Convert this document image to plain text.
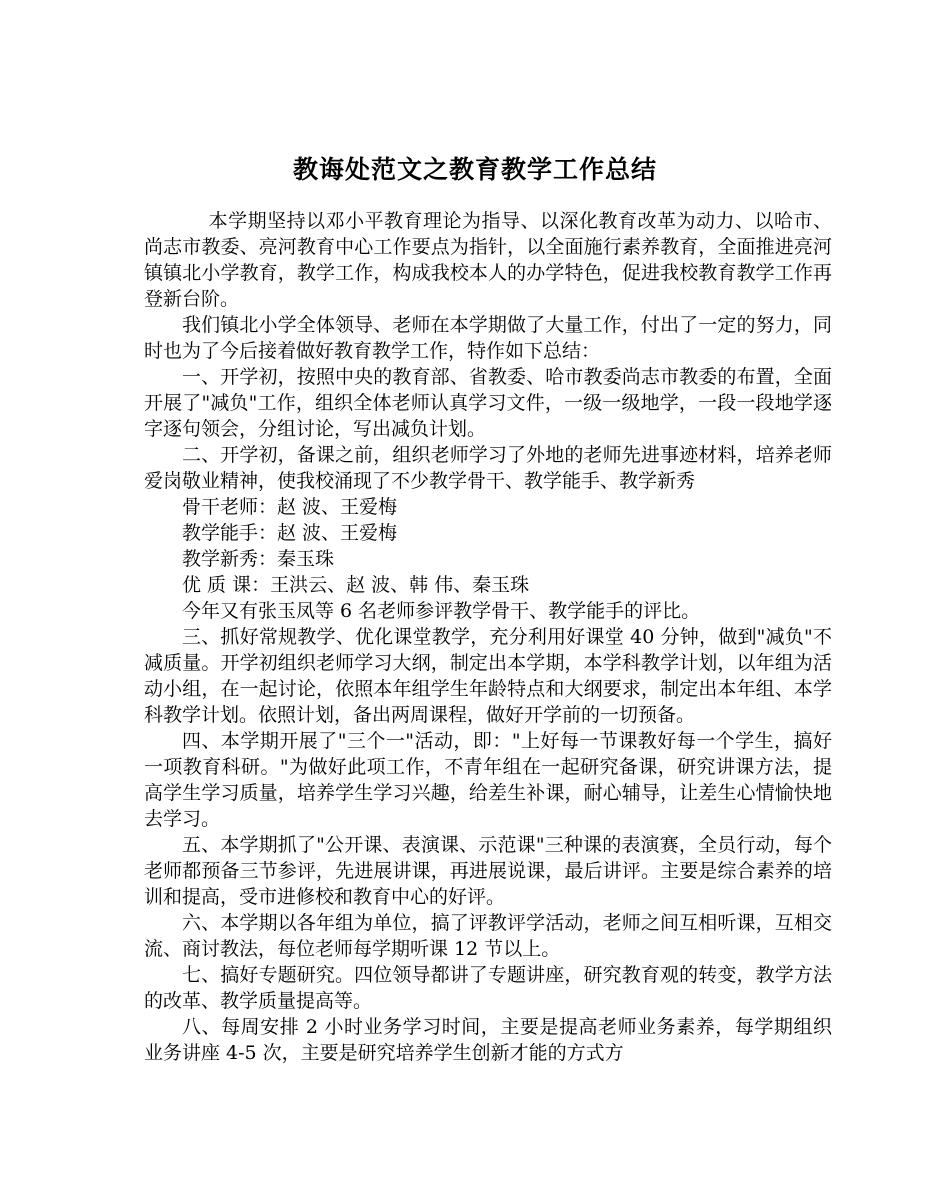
教诲处范文之教育教学工作总结

本学期坚持以邓小平教育理论为指导、以深化教育改革为动力、以哈市、尚志市教委、亮河教育中心工作要点为指针，以全面施行素养教育，全面推进亮河镇镇北小学教育，教学工作，构成我校本人的办学特色，促进我校教育教学工作再登新台阶。

我们镇北小学全体领导、老师在本学期做了大量工作，付出了一定的努力，同时也为了今后接着做好教育教学工作，特作如下总结：

一、开学初，按照中央的教育部、省教委、哈市教委尚志市教委的布置，全面开展了"减负"工作，组织全体老师认真学习文件，一级一级地学，一段一段地学逐字逐句领会，分组讨论，写出减负计划。

二、开学初，备课之前，组织老师学习了外地的老师先进事迹材料，培养老师爱岗敬业精神，使我校涌现了不少教学骨干、教学能手、教学新秀

骨干老师：赵 波、王爱梅

教学能手：赵 波、王爱梅

教学新秀：秦玉珠

优 质 课：王洪云、赵 波、韩 伟、秦玉珠

今年又有张玉凤等 6 名老师参评教学骨干、教学能手的评比。

三、抓好常规教学、优化课堂教学，充分利用好课堂 40 分钟，做到"减负"不减质量。开学初组织老师学习大纲，制定出本学期，本学科教学计划，以年组为活动小组，在一起讨论，依照本年组学生年龄特点和大纲要求，制定出本年组、本学科教学计划。依照计划，备出两周课程，做好开学前的一切预备。

四、本学期开展了"三个一"活动，即："上好每一节课教好每一个学生，搞好一项教育科研。"为做好此项工作，不青年组在一起研究备课，研究讲课方法，提高学生学习质量，培养学生学习兴趣，给差生补课，耐心辅导，让差生心情愉快地去学习。

五、本学期抓了"公开课、表演课、示范课"三种课的表演赛，全员行动，每个老师都预备三节参评，先进展讲课，再进展说课，最后讲评。主要是综合素养的培训和提高，受市进修校和教育中心的好评。

六、本学期以各年组为单位，搞了评教评学活动，老师之间互相听课，互相交流、商讨教法，每位老师每学期听课 12 节以上。

七、搞好专题研究。四位领导都讲了专题讲座，研究教育观的转变，教学方法的改革、教学质量提高等。

八、每周安排 2 小时业务学习时间，主要是提高老师业务素养，每学期组织业务讲座 4-5 次，主要是研究培养学生创新才能的方式方
